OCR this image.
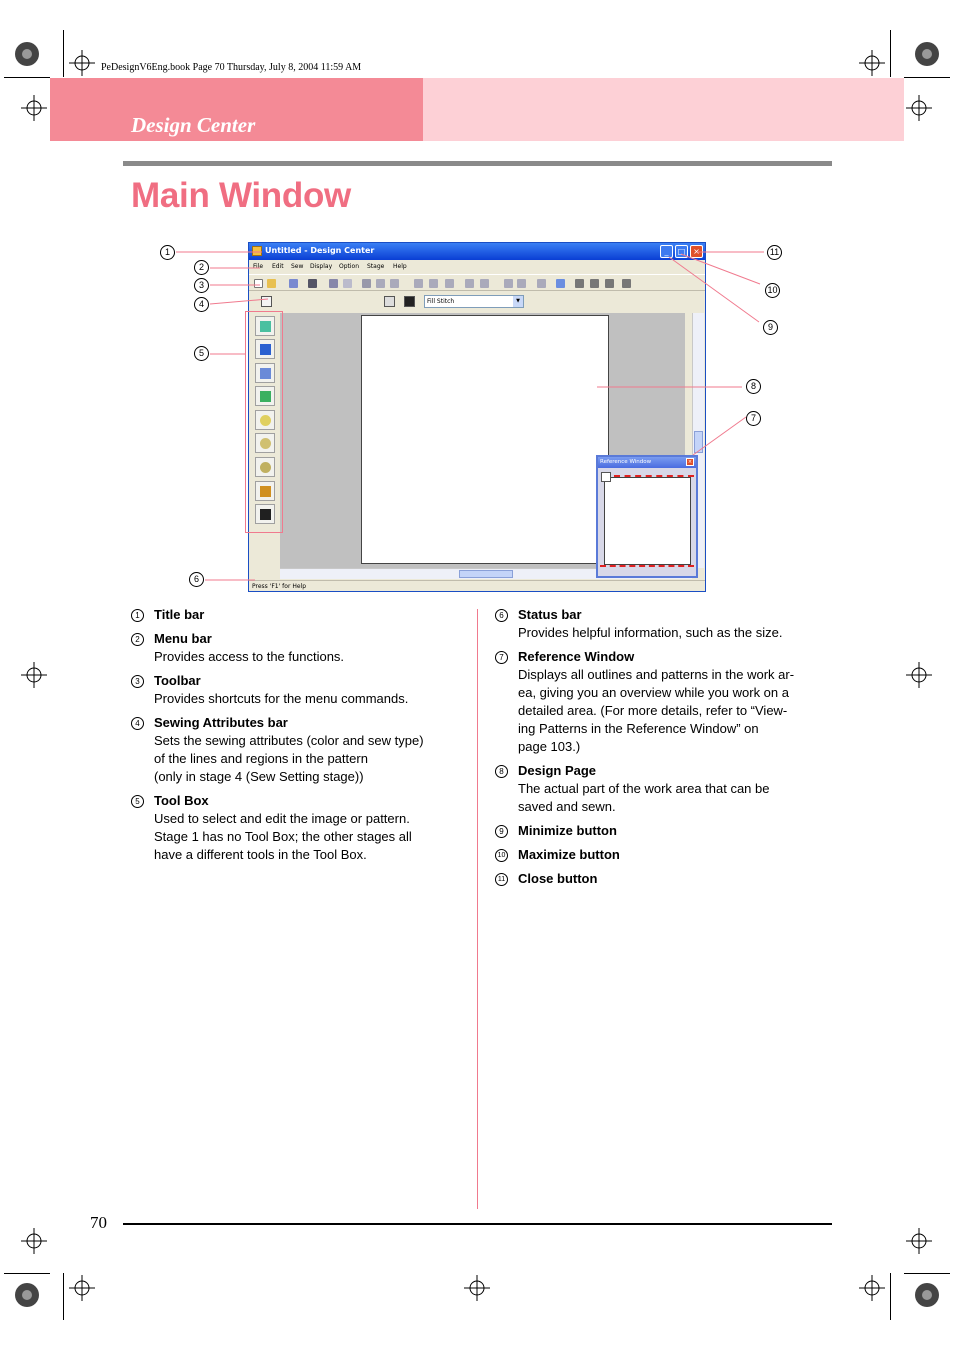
PeDesignV6Eng.book Page 70 Thursday, July 8, 2004 11:59 AM
Design Center
Main Window
Untitled - Design Center	_	□ ×
File Edit Sew Display Option Stage Help
Fill Stitch	▼
Press 'F1' for Help
Reference Window	×
1
2
3
4
5
6
7
8
9
10
11
1	Title bar
2	Menu bar
Provides access to the functions.
3	Toolbar
Provides shortcuts for the menu commands.
4	Sewing Attributes bar
Sets the sewing attributes (color and sew type)
of the lines and regions in the pattern
(only in stage 4 (Sew Setting stage))
5	Tool Box
Used to select and edit the image or pattern.
Stage 1 has no Tool Box; the other stages all
have a different tools in the Tool Box.
6	Status bar
Provides helpful information, such as the size.
7	Reference Window
Displays all outlines and patterns in the work ar-
ea, giving you an overview while you work on a
detailed area. (For more details, refer to “View-
ing Patterns in the Reference Window” on
page 103.)
8	Design Page
The actual part of the work area that can be
saved and sewn.
9	Minimize button
10 Maximize button
11 Close button
70
